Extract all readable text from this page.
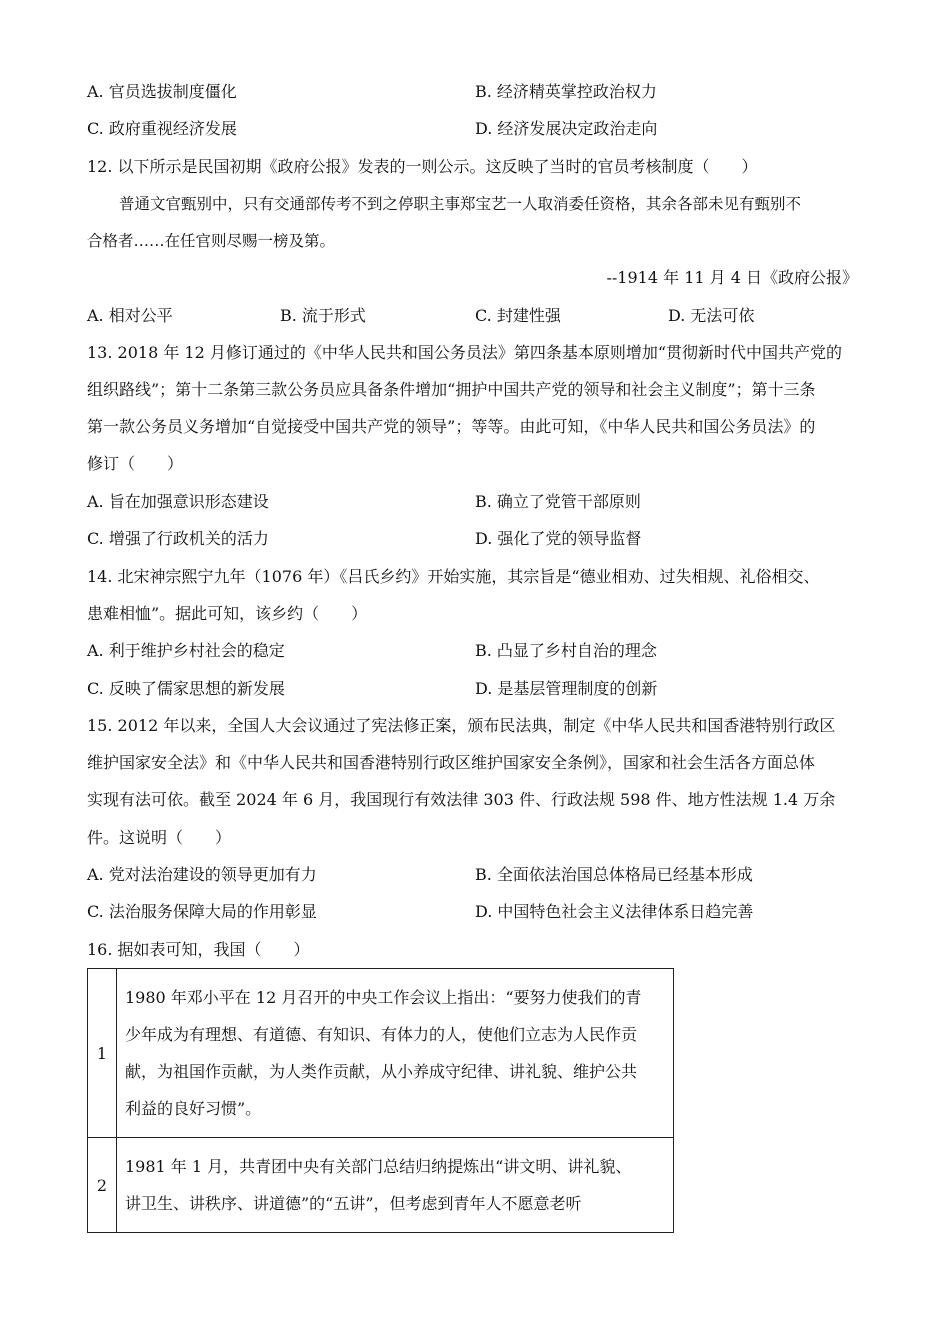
A. 官员选拔制度僵化	B. 经济精英掌控政治权力
C. 政府重视经济发展	D. 经济发展决定政治走向
12. 以下所示是民国初期《政府公报》发表的一则公示。这反映了当时的官员考核制度（　　）
普通文官甄别中，只有交通部传考不到之停职主事郑宝艺一人取消委任资格，其余各部未见有甄别不
合格者……在任官则尽赐一榜及第。
--1914 年 11 月 4 日《政府公报》
A. 相对公平	B. 流于形式	C. 封建性强	D. 无法可依
13. 2018 年 12 月修订通过的《中华人民共和国公务员法》第四条基本原则增加“贯彻新时代中国共产党的
组织路线”；第十二条第三款公务员应具备条件增加“拥护中国共产党的领导和社会主义制度”；第十三条
第一款公务员义务增加“自觉接受中国共产党的领导”；等等。由此可知，《中华人民共和国公务员法》的
修订（　　）
A. 旨在加强意识形态建设	B. 确立了党管干部原则
C. 增强了行政机关的活力	D. 强化了党的领导监督
14. 北宋神宗熙宁九年（1076 年）《吕氏乡约》开始实施，其宗旨是“德业相劝、过失相规、礼俗相交、
患难相恤”。据此可知，该乡约（　　）
A. 利于维护乡村社会的稳定	B. 凸显了乡村自治的理念
C. 反映了儒家思想的新发展	D. 是基层管理制度的创新
15. 2012 年以来，全国人大会议通过了宪法修正案，颁布民法典，制定《中华人民共和国香港特别行政区
维护国家安全法》和《中华人民共和国香港特别行政区维护国家安全条例》，国家和社会生活各方面总体
实现有法可依。截至 2024 年 6 月，我国现行有效法律 303 件、行政法规 598 件、地方性法规 1.4 万余
件。这说明（　　）
A. 党对法治建设的领导更加有力	B. 全面依法治国总体格局已经基本形成
C. 法治服务保障大局的作用彰显	D. 中国特色社会主义法律体系日趋完善
16. 据如表可知，我国（　　）
1	1980 年邓小平在 12 月召开的中央工作会议上指出：“要努力使我们的青
少年成为有理想、有道德、有知识、有体力的人，使他们立志为人民作贡
献，为祖国作贡献，为人类作贡献，从小养成守纪律、讲礼貌、维护公共
利益的良好习惯”。

2	1981 年 1 月，共青团中央有关部门总结归纳提炼出“讲文明、讲礼貌、
讲卫生、讲秩序、讲道德”的“五讲”，但考虑到青年人不愿意老听
